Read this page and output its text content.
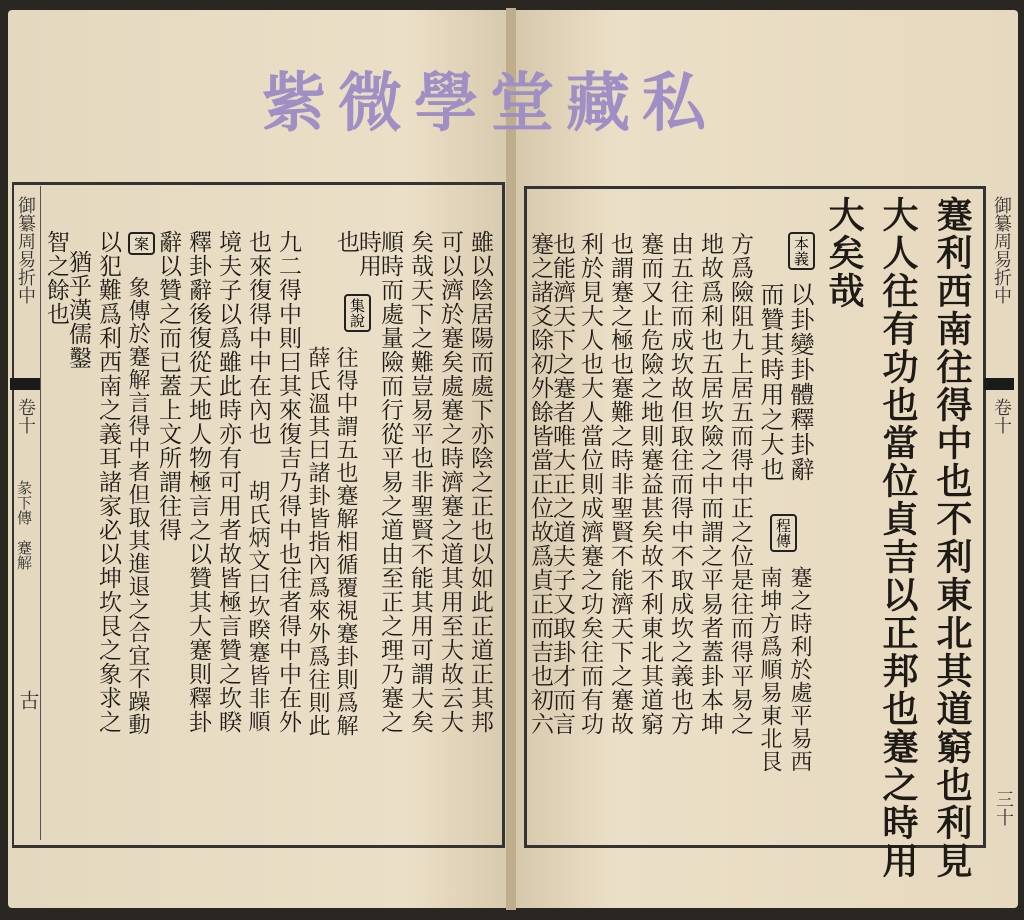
私藏堂學微紫
御纂周易折中
卷十
三十
蹇利西南往得中也不利東北其道窮也利見
大人往有功也當位貞吉以正邦也蹇之時用
大矣哉
本義
以卦變卦體釋卦辭
而贊其時用之大也
方爲險阻九上居五而得中正之位是往而得平易之
地故爲利也五居坎險之中而謂之平易者蓋卦本坤
由五往而成坎故但取往而得中不取成坎之義也方
蹇而又止危險之地則蹇益甚矣故不利東北其道窮
也謂蹇之極也蹇難之時非聖賢不能濟天下之蹇故
利於見大人也大人當位則成濟蹇之功矣往而有功
也能濟天下之蹇者唯大正之道夫子又取卦才而言
蹇之諸爻除初外餘皆當正位故爲貞正而吉也初六	程傳
蹇之時利於處平易西
南坤方爲順易東北艮
御纂周易折中
卷十
彖下傳　蹇解
古	雖以陰居陽而處下亦陰之正也以如此正道正其邦
可以濟於蹇矣處蹇之時濟蹇之道其用至大故云大
矣哉天下之難豈易平也非聖賢不能其用可謂大矣
順時而處量險而行從平易之道由至正之理乃蹇之
時用
集說
也
往得中謂五也蹇解相循覆視蹇卦則爲解
薛氏溫其曰諸卦皆指內爲來外爲往則此
九二得中則曰其來復吉乃得中也往者得中中在外
也來復得中中在內也
胡氏炳文曰坎睽蹇皆非順
境夫子以爲雖此時亦有可用者故皆極言贊之坎睽
釋卦辭後復從天地人物極言之以贊其大蹇則釋卦
辭以贊之而已蓋上文所謂往得
案
象傳於蹇解言得中者但取其進退之合宜不躁動
以犯難爲利西南之義耳諸家必以坤坎艮之象求之
猶乎漢儒鑿
智之餘也
